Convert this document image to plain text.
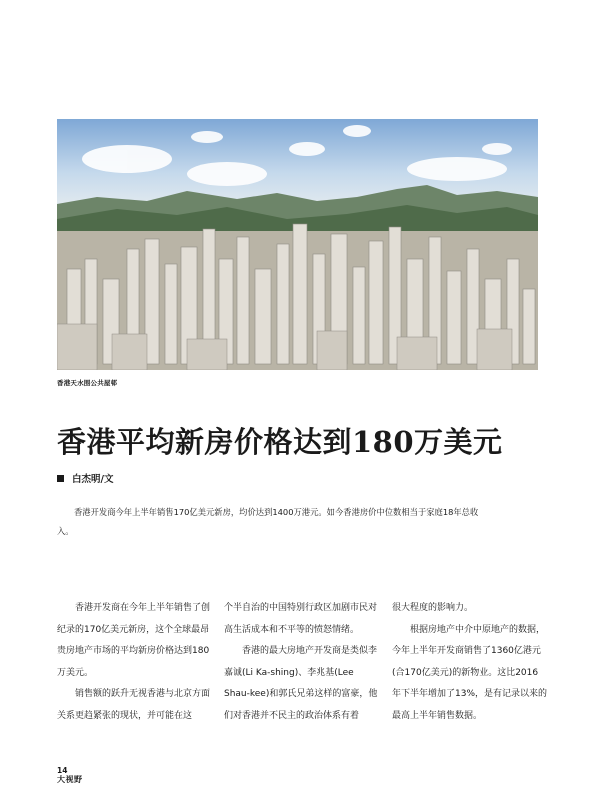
香港天水围公共屋邨
香港平均新房价格达到180万美元
白杰明/文
香港开发商今年上半年销售170亿美元新房，均价达到1400万港元。如今香港房价中位数相当于家庭18年总收入。

香港开发商在今年上半年销售了创纪录的170亿美元新房，这个全球最昂贵房地产市场的平均新房价格达到180万美元。

销售额的跃升无视香港与北京方面关系更趋紧张的现状，并可能在这

个半自治的中国特别行政区加剧市民对高生活成本和不平等的愤怒情绪。

香港的最大房地产开发商是类似李嘉诚(Li Ka-shing)、李兆基(Lee Shau-kee)和郭氏兄弟这样的富豪，他们对香港并不民主的政治体系有着

很大程度的影响力。

根据房地产中介中原地产的数据，今年上半年开发商销售了1360亿港元(合170亿美元)的新物业。这比2016年下半年增加了13%，是有记录以来的最高上半年销售数据。

14
大视野
